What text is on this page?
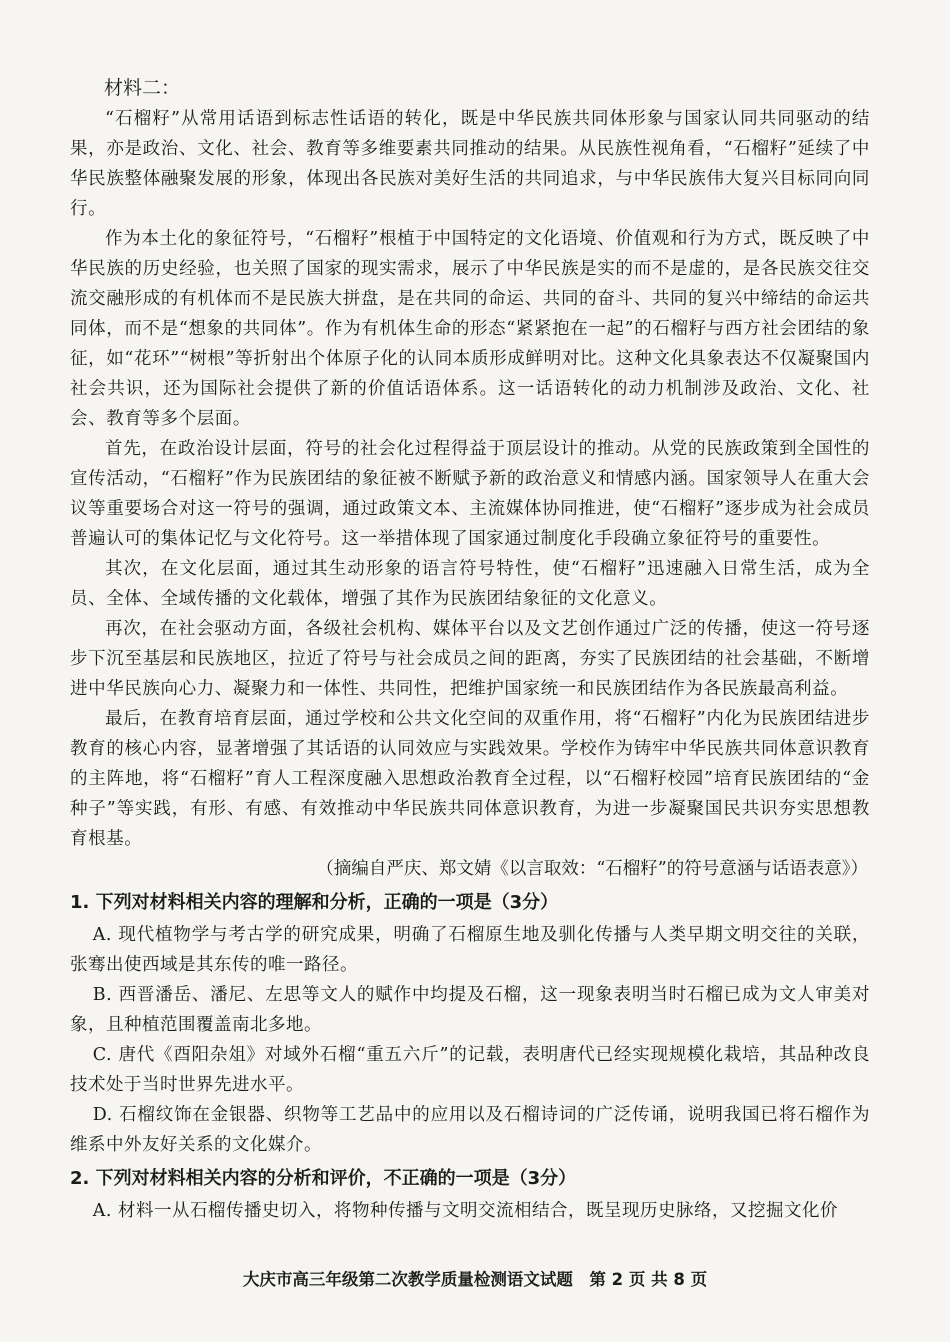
材料二：

“石榴籽”从常用话语到标志性话语的转化，既是中华民族共同体形象与国家认同共同驱动的结果，亦是政治、文化、社会、教育等多维要素共同推动的结果。从民族性视角看，“石榴籽”延续了中华民族整体融聚发展的形象，体现出各民族对美好生活的共同追求，与中华民族伟大复兴目标同向同行。

作为本土化的象征符号，“石榴籽”根植于中国特定的文化语境、价值观和行为方式，既反映了中华民族的历史经验，也关照了国家的现实需求，展示了中华民族是实的而不是虚的，是各民族交往交流交融形成的有机体而不是民族大拼盘，是在共同的命运、共同的奋斗、共同的复兴中缔结的命运共同体，而不是“想象的共同体”。作为有机体生命的形态“紧紧抱在一起”的石榴籽与西方社会团结的象征，如“花环”“树根”等折射出个体原子化的认同本质形成鲜明对比。这种文化具象表达不仅凝聚国内社会共识，还为国际社会提供了新的价值话语体系。这一话语转化的动力机制涉及政治、文化、社会、教育等多个层面。

首先，在政治设计层面，符号的社会化过程得益于顶层设计的推动。从党的民族政策到全国性的宣传活动，“石榴籽”作为民族团结的象征被不断赋予新的政治意义和情感内涵。国家领导人在重大会议等重要场合对这一符号的强调，通过政策文本、主流媒体协同推进，使“石榴籽”逐步成为社会成员普遍认可的集体记忆与文化符号。这一举措体现了国家通过制度化手段确立象征符号的重要性。

其次，在文化层面，通过其生动形象的语言符号特性，使“石榴籽”迅速融入日常生活，成为全员、全体、全域传播的文化载体，增强了其作为民族团结象征的文化意义。

再次，在社会驱动方面，各级社会机构、媒体平台以及文艺创作通过广泛的传播，使这一符号逐步下沉至基层和民族地区，拉近了符号与社会成员之间的距离，夯实了民族团结的社会基础，不断增进中华民族向心力、凝聚力和一体性、共同性，把维护国家统一和民族团结作为各民族最高利益。

最后，在教育培育层面，通过学校和公共文化空间的双重作用，将“石榴籽”内化为民族团结进步教育的核心内容，显著增强了其话语的认同效应与实践效果。学校作为铸牢中华民族共同体意识教育的主阵地，将“石榴籽”育人工程深度融入思想政治教育全过程，以“石榴籽校园”培育民族团结的“金种子”等实践，有形、有感、有效推动中华民族共同体意识教育，为进一步凝聚国民共识夯实思想教育根基。

（摘编自严庆、郑文婧《以言取效：“石榴籽”的符号意涵与话语表意》）
1. 下列对材料相关内容的理解和分析，正确的一项是（3分）

A. 现代植物学与考古学的研究成果，明确了石榴原生地及驯化传播与人类早期文明交往的关联，张骞出使西域是其东传的唯一路径。

B. 西晋潘岳、潘尼、左思等文人的赋作中均提及石榴，这一现象表明当时石榴已成为文人审美对象，且种植范围覆盖南北多地。

C. 唐代《酉阳杂俎》对域外石榴“重五六斤”的记载，表明唐代已经实现规模化栽培，其品种改良技术处于当时世界先进水平。

D. 石榴纹饰在金银器、织物等工艺品中的应用以及石榴诗词的广泛传诵，说明我国已将石榴作为维系中外友好关系的文化媒介。

2. 下列对材料相关内容的分析和评价，不正确的一项是（3分）

A. 材料一从石榴传播史切入，将物种传播与文明交流相结合，既呈现历史脉络，又挖掘文化价

大庆市高三年级第二次教学质量检测语文试题　第 2 页 共 8 页
